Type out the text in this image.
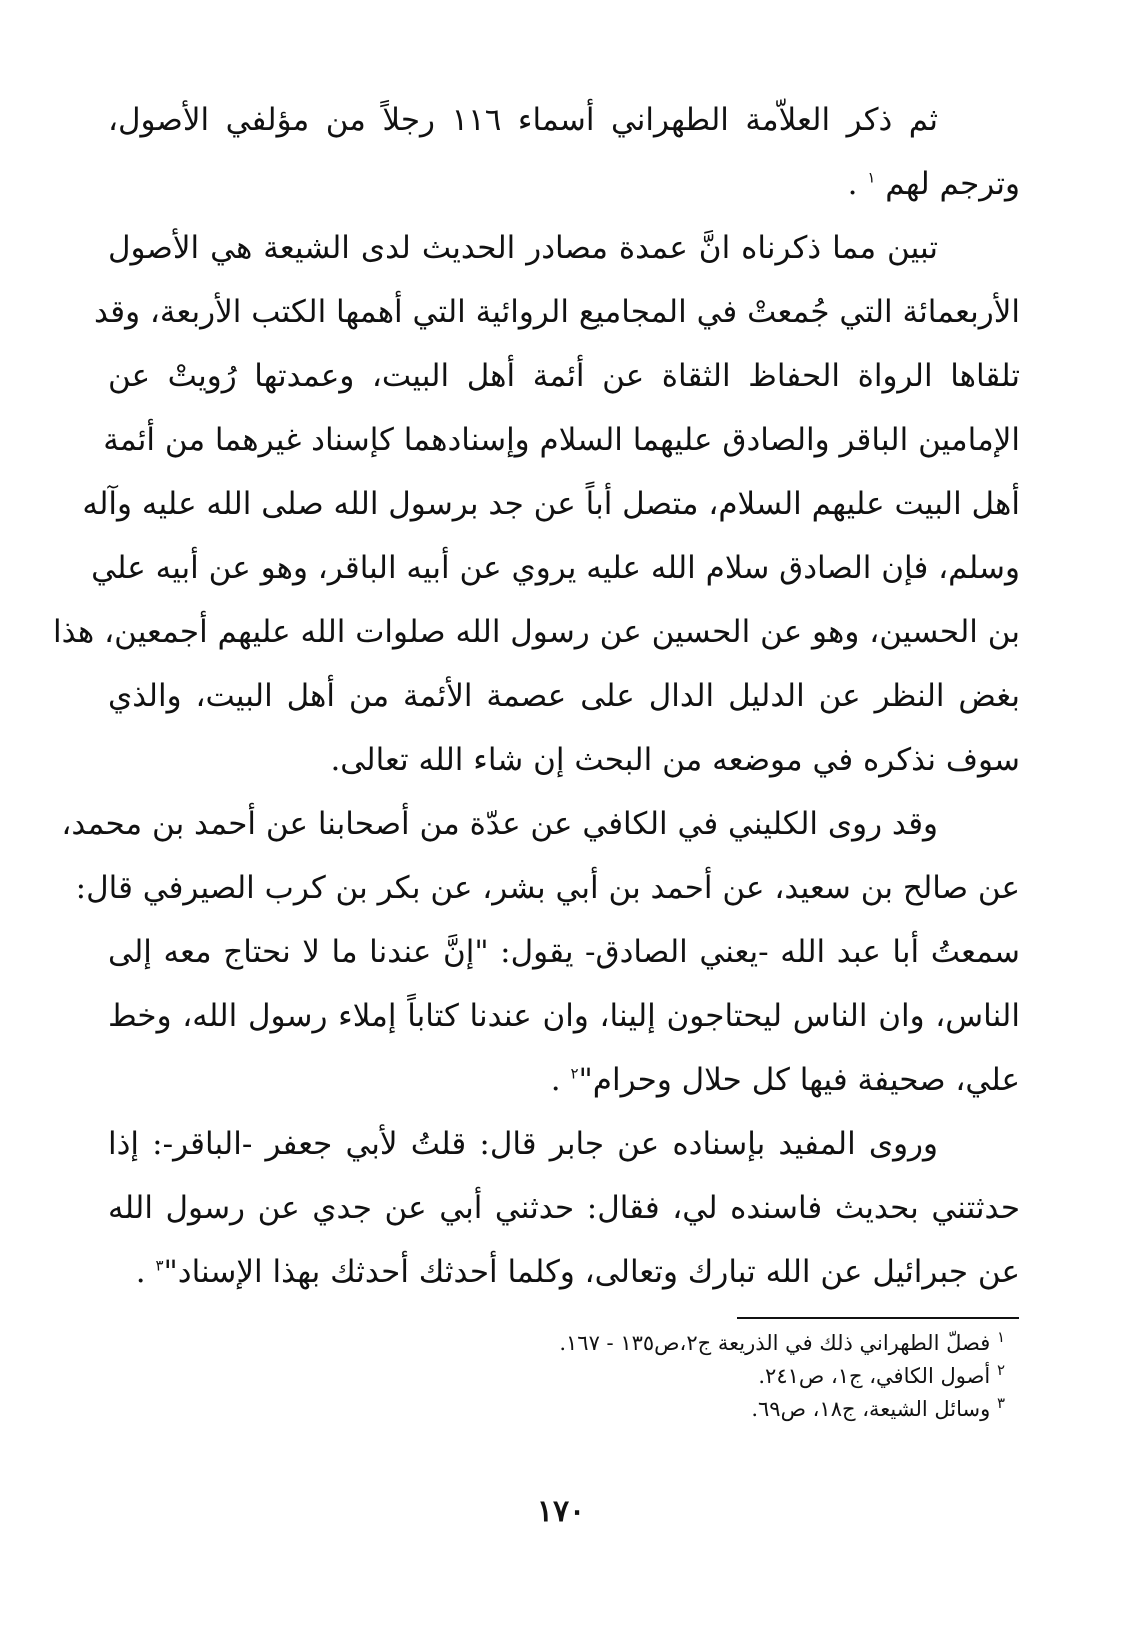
ثم ذكر العلاّمة الطهراني أسماء ١١٦ رجلاً من مؤلفي الأصول،
وترجم لهم $^١$ .
تبين مما ذكرناه انَّ عمدة مصادر الحديث لدى الشيعة هي الأصول
الأربعمائة التي جُمعتْ في المجاميع الروائية التي أهمها الكتب الأربعة، وقد
تلقاها الرواة الحفاظ الثقاة عن أئمة أهل البيت، وعمدتها رُويتْ عن
الإمامين الباقر والصادق عليهما السلام وإسنادهما كإسناد غيرهما من أئمة
أهل البيت عليهم السلام، متصل أباً عن جد برسول الله صلى الله عليه وآله
وسلم، فإن الصادق سلام الله عليه يروي عن أبيه الباقر، وهو عن أبيه علي
بن الحسين، وهو عن الحسين عن رسول الله صلوات الله عليهم أجمعين، هذا
بغض النظر عن الدليل الدال على عصمة الأئمة من أهل البيت، والذي
سوف نذكره في موضعه من البحث إن شاء الله تعالى.
وقد روى الكليني في الكافي عن عدّة من أصحابنا عن أحمد بن محمد،
عن صالح بن سعيد، عن أحمد بن أبي بشر، عن بكر بن كرب الصيرفي قال:
سمعتُ أبا عبد الله -يعني الصادق- يقول: "إنَّ عندنا ما لا نحتاج معه إلى
الناس، وان الناس ليحتاجون إلينا، وان عندنا كتاباً إملاء رسول الله، وخط
علي، صحيفة فيها كل حلال وحرام"$^٢$ .
وروى المفيد بإسناده عن جابر قال: قلتُ لأبي جعفر -الباقر-: إذا
حدثتني بحديث فاسنده لي، فقال: حدثني أبي عن جدي عن رسول الله
عن جبرائيل عن الله تبارك وتعالى، وكلما أحدثك أحدثك بهذا الإسناد"$^٣$ .
$^١$ فصلّ الطهراني ذلك في الذريعة ج٢،ص١٣٥ - ١٦٧.
$^٢$ أصول الكافي، ج١، ص٢٤١.
$^٣$ وسائل الشيعة، ج١٨، ص٦٩.
١٧٠
